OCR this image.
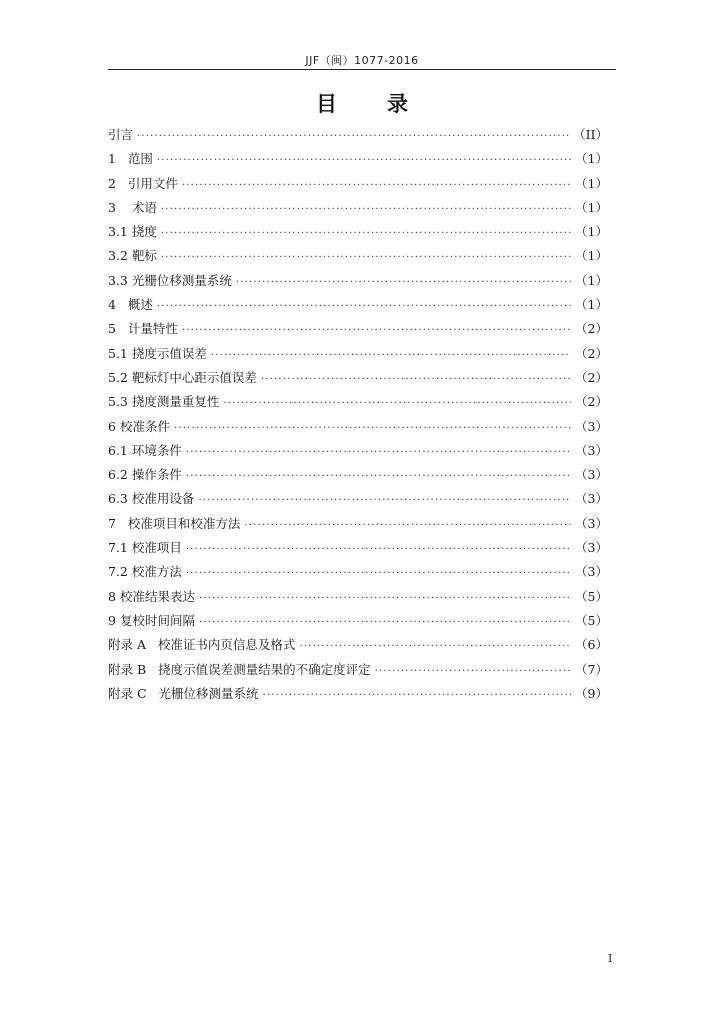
JJF（闽）1077-2016
目 录
引言 ·····	（II）
1 范围 ·····	（1）
2 引用文件 ·····	（1）
3 术语 ·····	（1）
3.1 挠度 ·····	（1）
3.2 靶标 ·····	（1）
3.3 光栅位移测量系统 ·····	（1）
4 概述 ·····	（1）
5 计量特性 ·····	（2）
5.1 挠度示值误差 ·····	（2）
5.2 靶标灯中心距示值误差 ·····	（2）
5.3 挠度测量重复性 ·····	（2）
6 校准条件 ·····	（3）
6.1 环境条件 ·····	（3）
6.2 操作条件 ·····	（3）
6.3 校准用设备 ·····	（3）
7 校准项目和校准方法 ·····	（3）
7.1 校准项目 ·····	（3）
7.2 校准方法 ·····	（3）
8 校准结果表达 ·····	（5）
9 复校时间间隔 ·····	（5）
附录 A 校准证书内页信息及格式 ·····	（6）
附录 B 挠度示值误差测量结果的不确定度评定 ·····	（7）
附录 C 光栅位移测量系统 ·····	（9）
I
